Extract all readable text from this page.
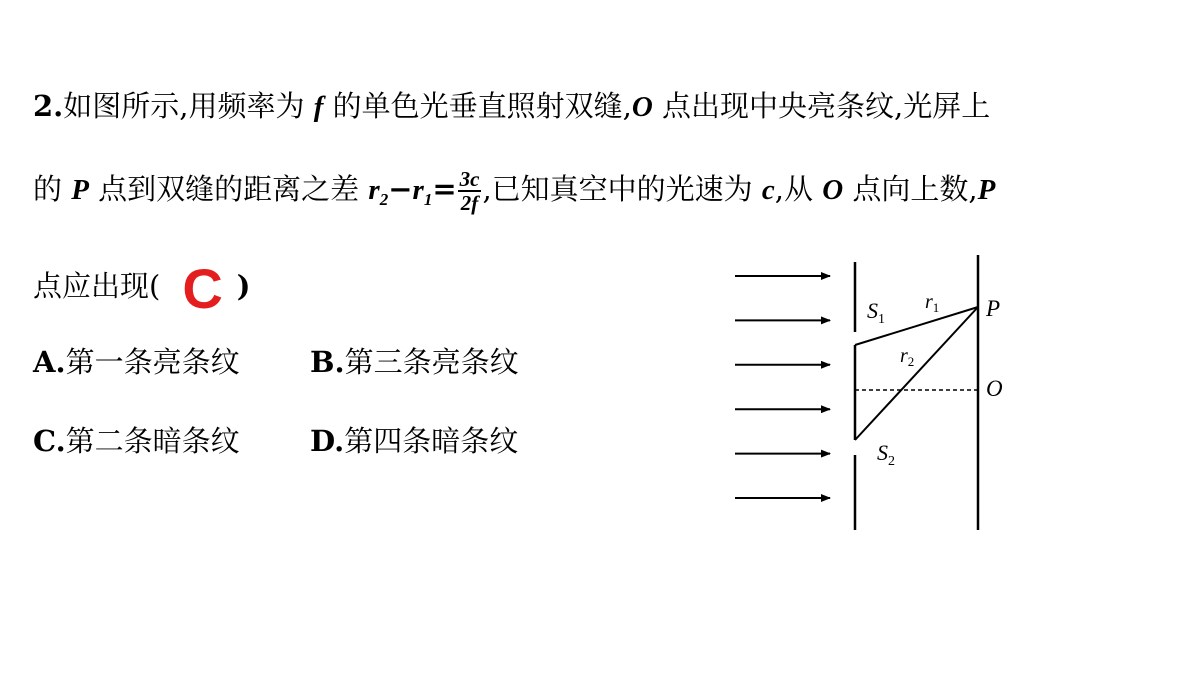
2.如图所示,用频率为 f 的单色光垂直照射双缝,O 点出现中央亮条纹,光屏上
的 P 点到双缝的距离之差 $r_2-r_1= \frac{3c}{2f}$ ,已知真空中的光速为 c,从 O 点向上数,P
点应出现( C )
A.第一条亮条纹 B.第三条亮条纹
C.第二条暗条纹 D.第四条暗条纹
$S_1$
$r_1$
$r_2$
$S_2$
P
O
